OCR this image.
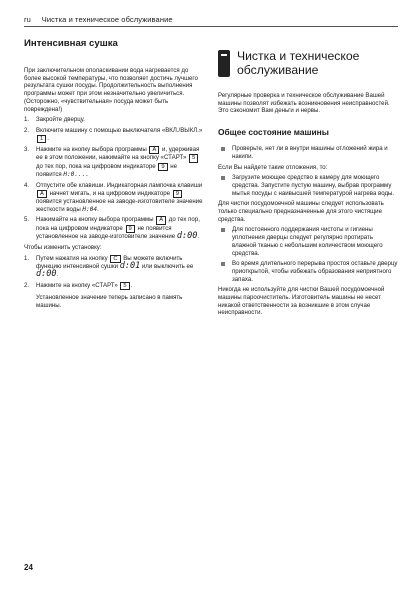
ru Чистка и техническое обслуживание
Интенсивная сушка

При заключительном ополаскивании вода нагревается до более высокой температуры, что позволяет достичь лучшего результата сушки посуды. Продолжительность выполнения программы может при этом незначительно увеличиться. (Осторожно, «чувствительная» посуда может быть повреждена!)

1.	Закройте дверцу.
2.	Включите машину с помощью выключателя «ВКЛ./ВЫКЛ.» 1 .
3.	Нажмите на кнопку выбора программы A и, удерживая ее в этом положении, нажимайте на кнопку «СТАРТ» 5 до тех пор, пока на цифровом индикаторе 9 не появится H:0....
4.	Отпустите обе клавиши. Индикаторная лампочка клавиши A начнет мигать, и на цифровом индикаторе 9 появится установленное на заводе-изготовителе значение жесткости воды H:04.
5.	Нажимайте на кнопку выбора программы A до тех пор, пока на цифровом индикаторе 9 не появится установленное на заводе-изготовителе значение d:00.

Чтобы изменить установку:

1.	Путем нажатия на кнопку C Вы можете включить функцию интенсивной сушки d:01 или выключить ее d:00.
2.	Нажмите на кнопку «СТАРТ» 5 .

Установленное значение теперь записано в память машины.
Чистка и техническое обслуживание

Регулярные проверка и техническое обслуживание Вашей машины позволят избежать возникновения неисправностей. Это сэкономит Вам деньги и нервы.

Общее состояние машины
Проверьте, нет ли в внутри машины отложений жира и накипи.

Если Вы найдете такие отложения, то:

Загрузите моющее средство в камеру для моющего средства. Запустите пустую машину, выбрав программу мытья посуды с наивысшей температурой нагрева воды.

Для чистки посудомоечной машины следует использовать только специально предназначенные для этого чистящие средства.

Для постоянного поддержания чистоты и гигиены уплотнения дверцы следует регулярно протирать влажной тканью с небольшим количеством моющего средства.
Во время длительного перерыва простоя оставьте дверцу приоткрытой, чтобы избежать образования неприятного запаха.

Никогда не используйте для чистки Вашей посудомоечной машины пароочиститель. Изготовитель машины не несет никакой ответственности за возникшие в этом случае неисправности.

24
